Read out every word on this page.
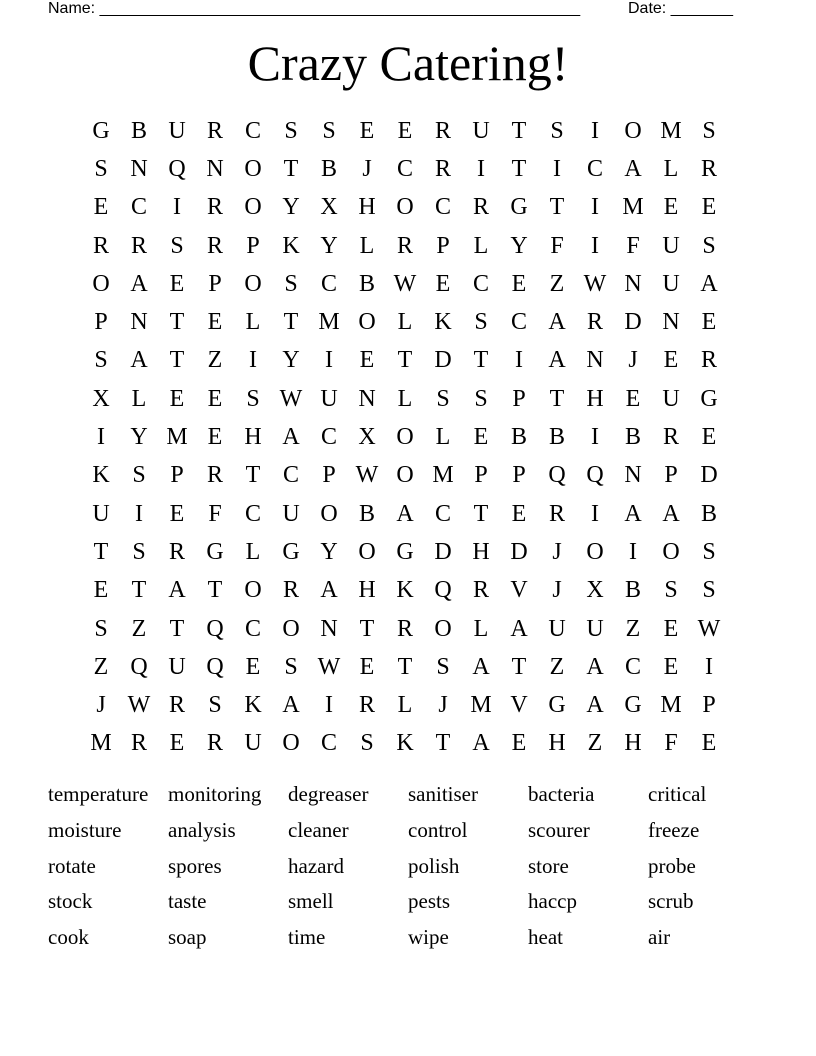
Name: ______________________________________________________	Date: _______
Crazy Catering!
G B U R C S	S E E R U T S	I	O M S
S N Q N O T B	J	C R	I	T	I	C A L R
E C	I	R O Y X H O C R G T	I M E E
R R S R P K Y L R P L Y F	I	F U S
O A E P O S C B W E C E Z W N U A
P N T E L T M O L K S C A R D N E
S A T Z	I	Y	I	E T D T	I	A N	J	E R
X L E E S W U N L S	S	P T H E U G
I	Y M E H A C X O L E B B	I	B R E
K S	P R T C P W O M P	P Q Q N P D
U	I	E F C U O B A C T E R	I	A A B
T S R G L G Y O G D H D	J	O	I	O S
E T A T O R A H K Q R V	J	X B S	S
S Z T Q C O N T R O L A U U Z E W
Z Q U Q E S W E T S A T Z A C E	I
J W R S K A	I	R L	J M V G A G M P
M R E R U O C S K T A E H Z H F E
temperature monitoring	degreaser	sanitiser	bacteria	critical
moisture	analysis	cleaner	control	scourer	freeze
rotate	spores	hazard	polish	store	probe
stock	taste	smell	pests	haccp	scrub
cook	soap	time	wipe	heat	air
